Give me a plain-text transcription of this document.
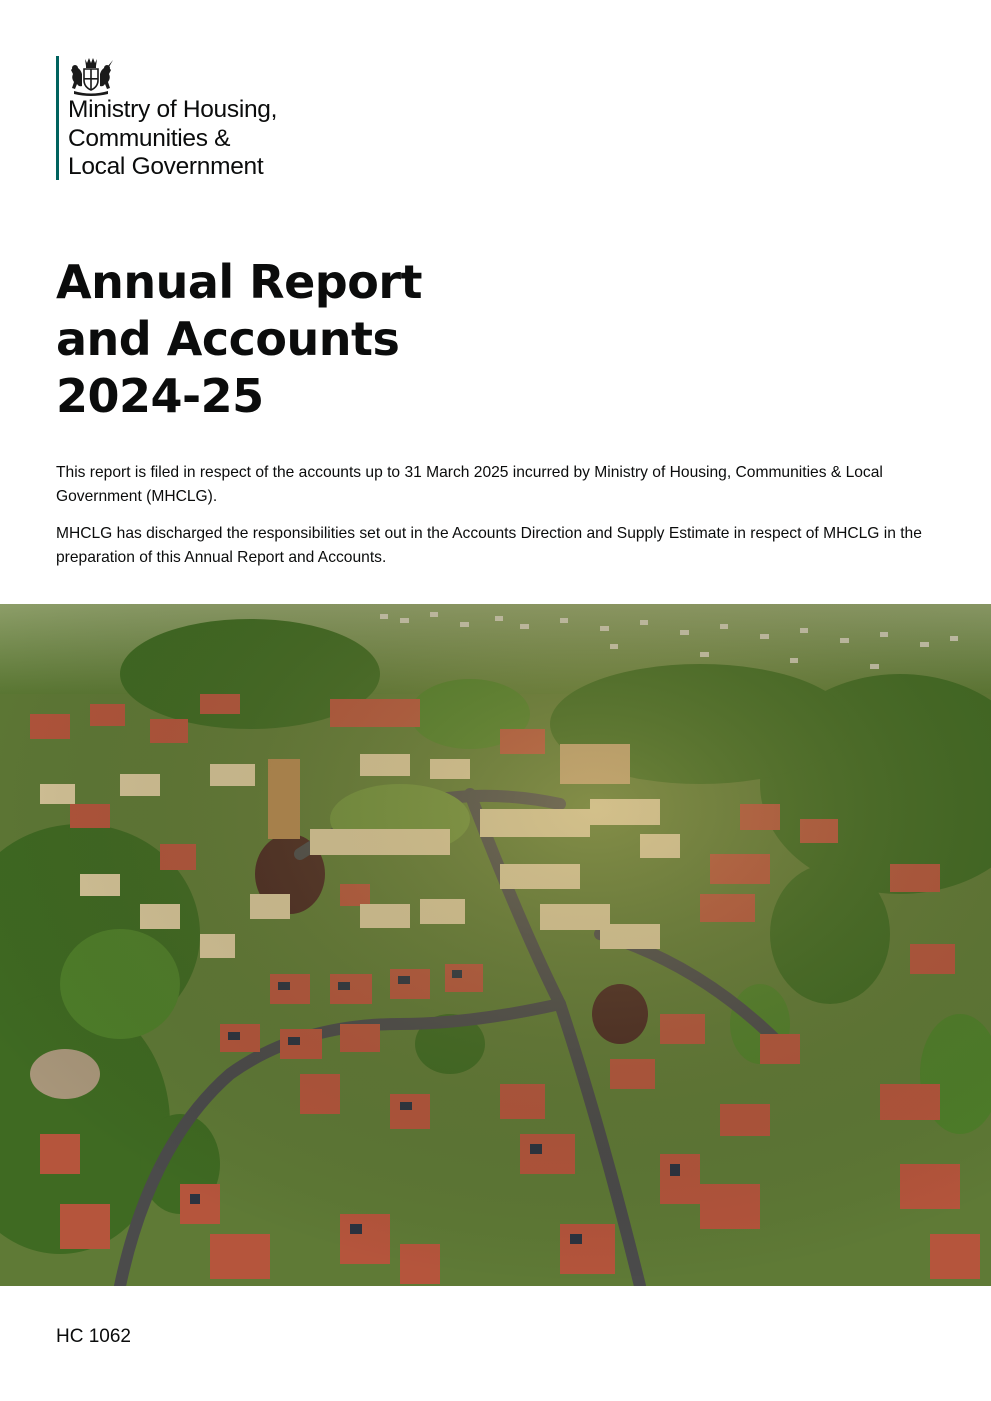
Ministry of Housing,
Communities &
Local Government
Annual Report
and Accounts
2024-25

This report is filed in respect of the accounts up to 31 March 2025 incurred by Ministry of Housing, Communities & Local Government (MHCLG).

MHCLG has discharged the responsibilities set out in the Accounts Direction and Supply Estimate in respect of MHCLG in the preparation of this Annual Report and Accounts.

HC 1062
